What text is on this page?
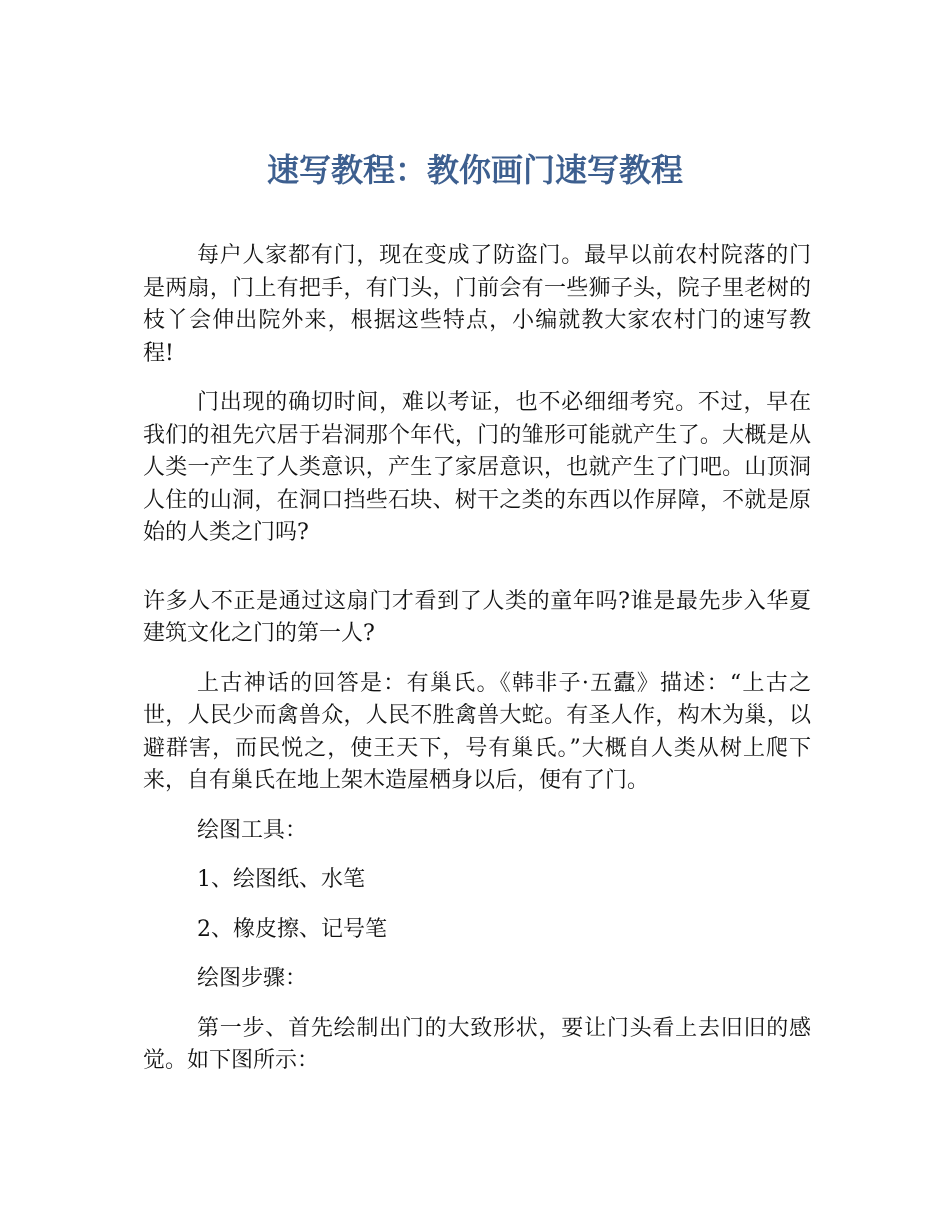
速写教程：教你画门速写教程

每户人家都有门，现在变成了防盗门。最早以前农村院落的门是两扇，门上有把手，有门头，门前会有一些狮子头，院子里老树的枝丫会伸出院外来，根据这些特点，小编就教大家农村门的速写教程!

门出现的确切时间，难以考证，也不必细细考究。不过，早在我们的祖先穴居于岩洞那个年代，门的雏形可能就产生了。大概是从人类一产生了人类意识，产生了家居意识，也就产生了门吧。山顶洞人住的山洞，在洞口挡些石块、树干之类的东西以作屏障，不就是原始的人类之门吗?

许多人不正是通过这扇门才看到了人类的童年吗?谁是最先步入华夏建筑文化之门的第一人?

上古神话的回答是：有巢氏。《韩非子·五蠹》描述：“上古之世，人民少而禽兽众，人民不胜禽兽大蛇。有圣人作，构木为巢，以避群害，而民悦之，使王天下，号有巢氏。”大概自人类从树上爬下来，自有巢氏在地上架木造屋栖身以后，便有了门。

绘图工具：

1、绘图纸、水笔

2、橡皮擦、记号笔

绘图步骤：

第一步、首先绘制出门的大致形状，要让门头看上去旧旧的感觉。如下图所示：
